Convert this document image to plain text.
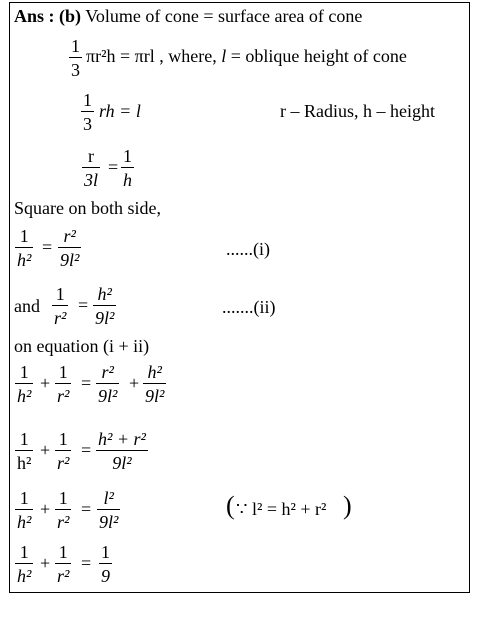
Ans : (b) Volume of cone = surface area of cone
1
3
πr²h = πrl , where, l = oblique height of cone
1
3
rh = l	r – Radius, h – height
r
3l
=
1
h
Square on both side,
1
h²
=
r²
9l²
......(i)
and
1
r²
=
h²
9l²
.......(ii)
on equation (i + ii)
1
h²
+
1
r²
=
r²
9l²
+
h²
9l²
1
h²
+
1
r²
=
h² + r²
9l²
1
h²
+
1
r²
=
l²
9l²
( ∵ l² = h² + r² )
1
h²
+
1
r²
=
1
9
